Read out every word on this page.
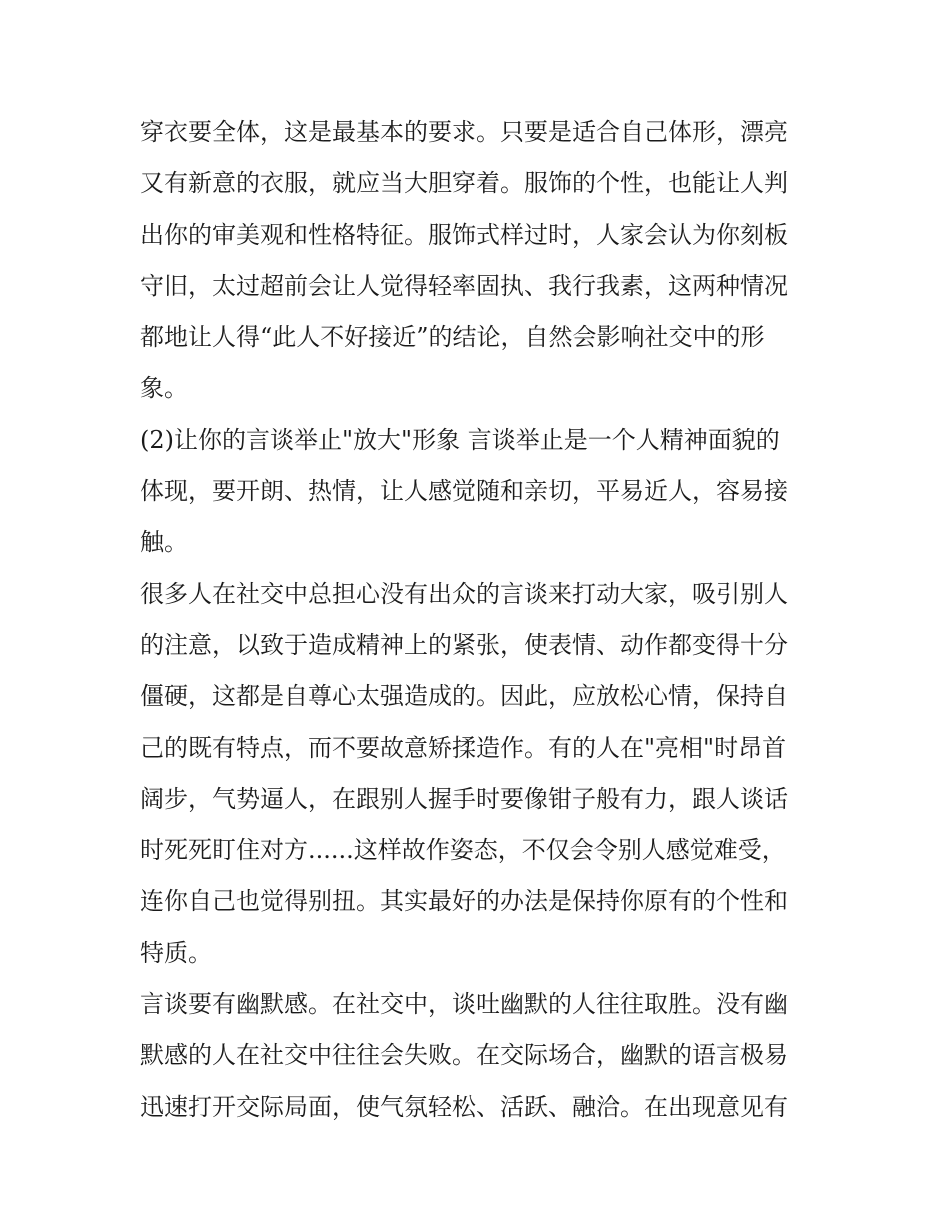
穿衣要全体，这是最基本的要求。只要是适合自己体形，漂亮
又有新意的衣服，就应当大胆穿着。服饰的个性，也能让人判
出你的审美观和性格特征。服饰式样过时，人家会认为你刻板
守旧，太过超前会让人觉得轻率固执、我行我素，这两种情况
都地让人得“此人不好接近”的结论，自然会影响社交中的形
象。
(2)让你的言谈举止"放大"形象 言谈举止是一个人精神面貌的
体现，要开朗、热情，让人感觉随和亲切，平易近人，容易接
触。
很多人在社交中总担心没有出众的言谈来打动大家，吸引别人
的注意，以致于造成精神上的紧张，使表情、动作都变得十分
僵硬，这都是自尊心太强造成的。因此，应放松心情，保持自
己的既有特点，而不要故意矫揉造作。有的人在"亮相"时昂首
阔步，气势逼人，在跟别人握手时要像钳子般有力，跟人谈话
时死死盯住对方......这样故作姿态，不仅会令别人感觉难受，
连你自己也觉得别扭。其实最好的办法是保持你原有的个性和
特质。
言谈要有幽默感。在社交中，谈吐幽默的人往往取胜。没有幽
默感的人在社交中往往会失败。在交际场合，幽默的语言极易
迅速打开交际局面，使气氛轻松、活跃、融洽。在出现意见有
